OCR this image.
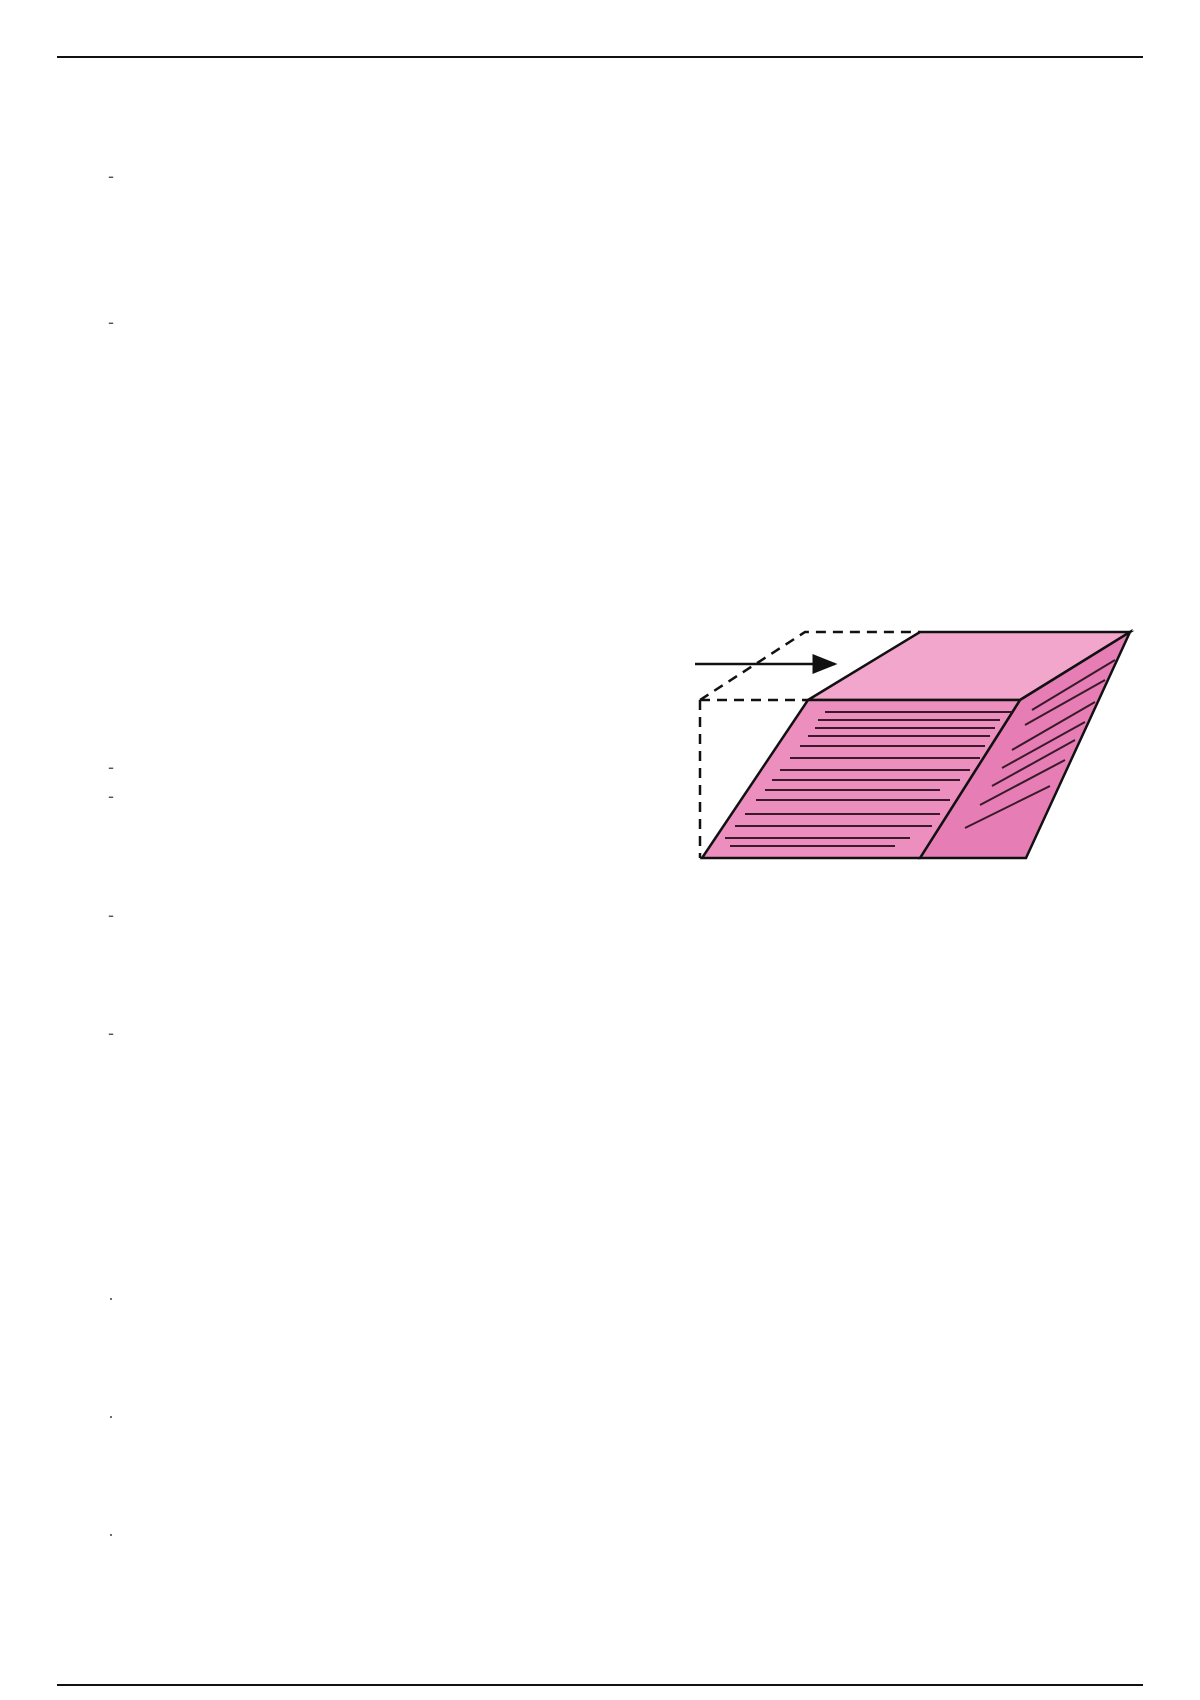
-
-
-
-
-
-
·
·
·
